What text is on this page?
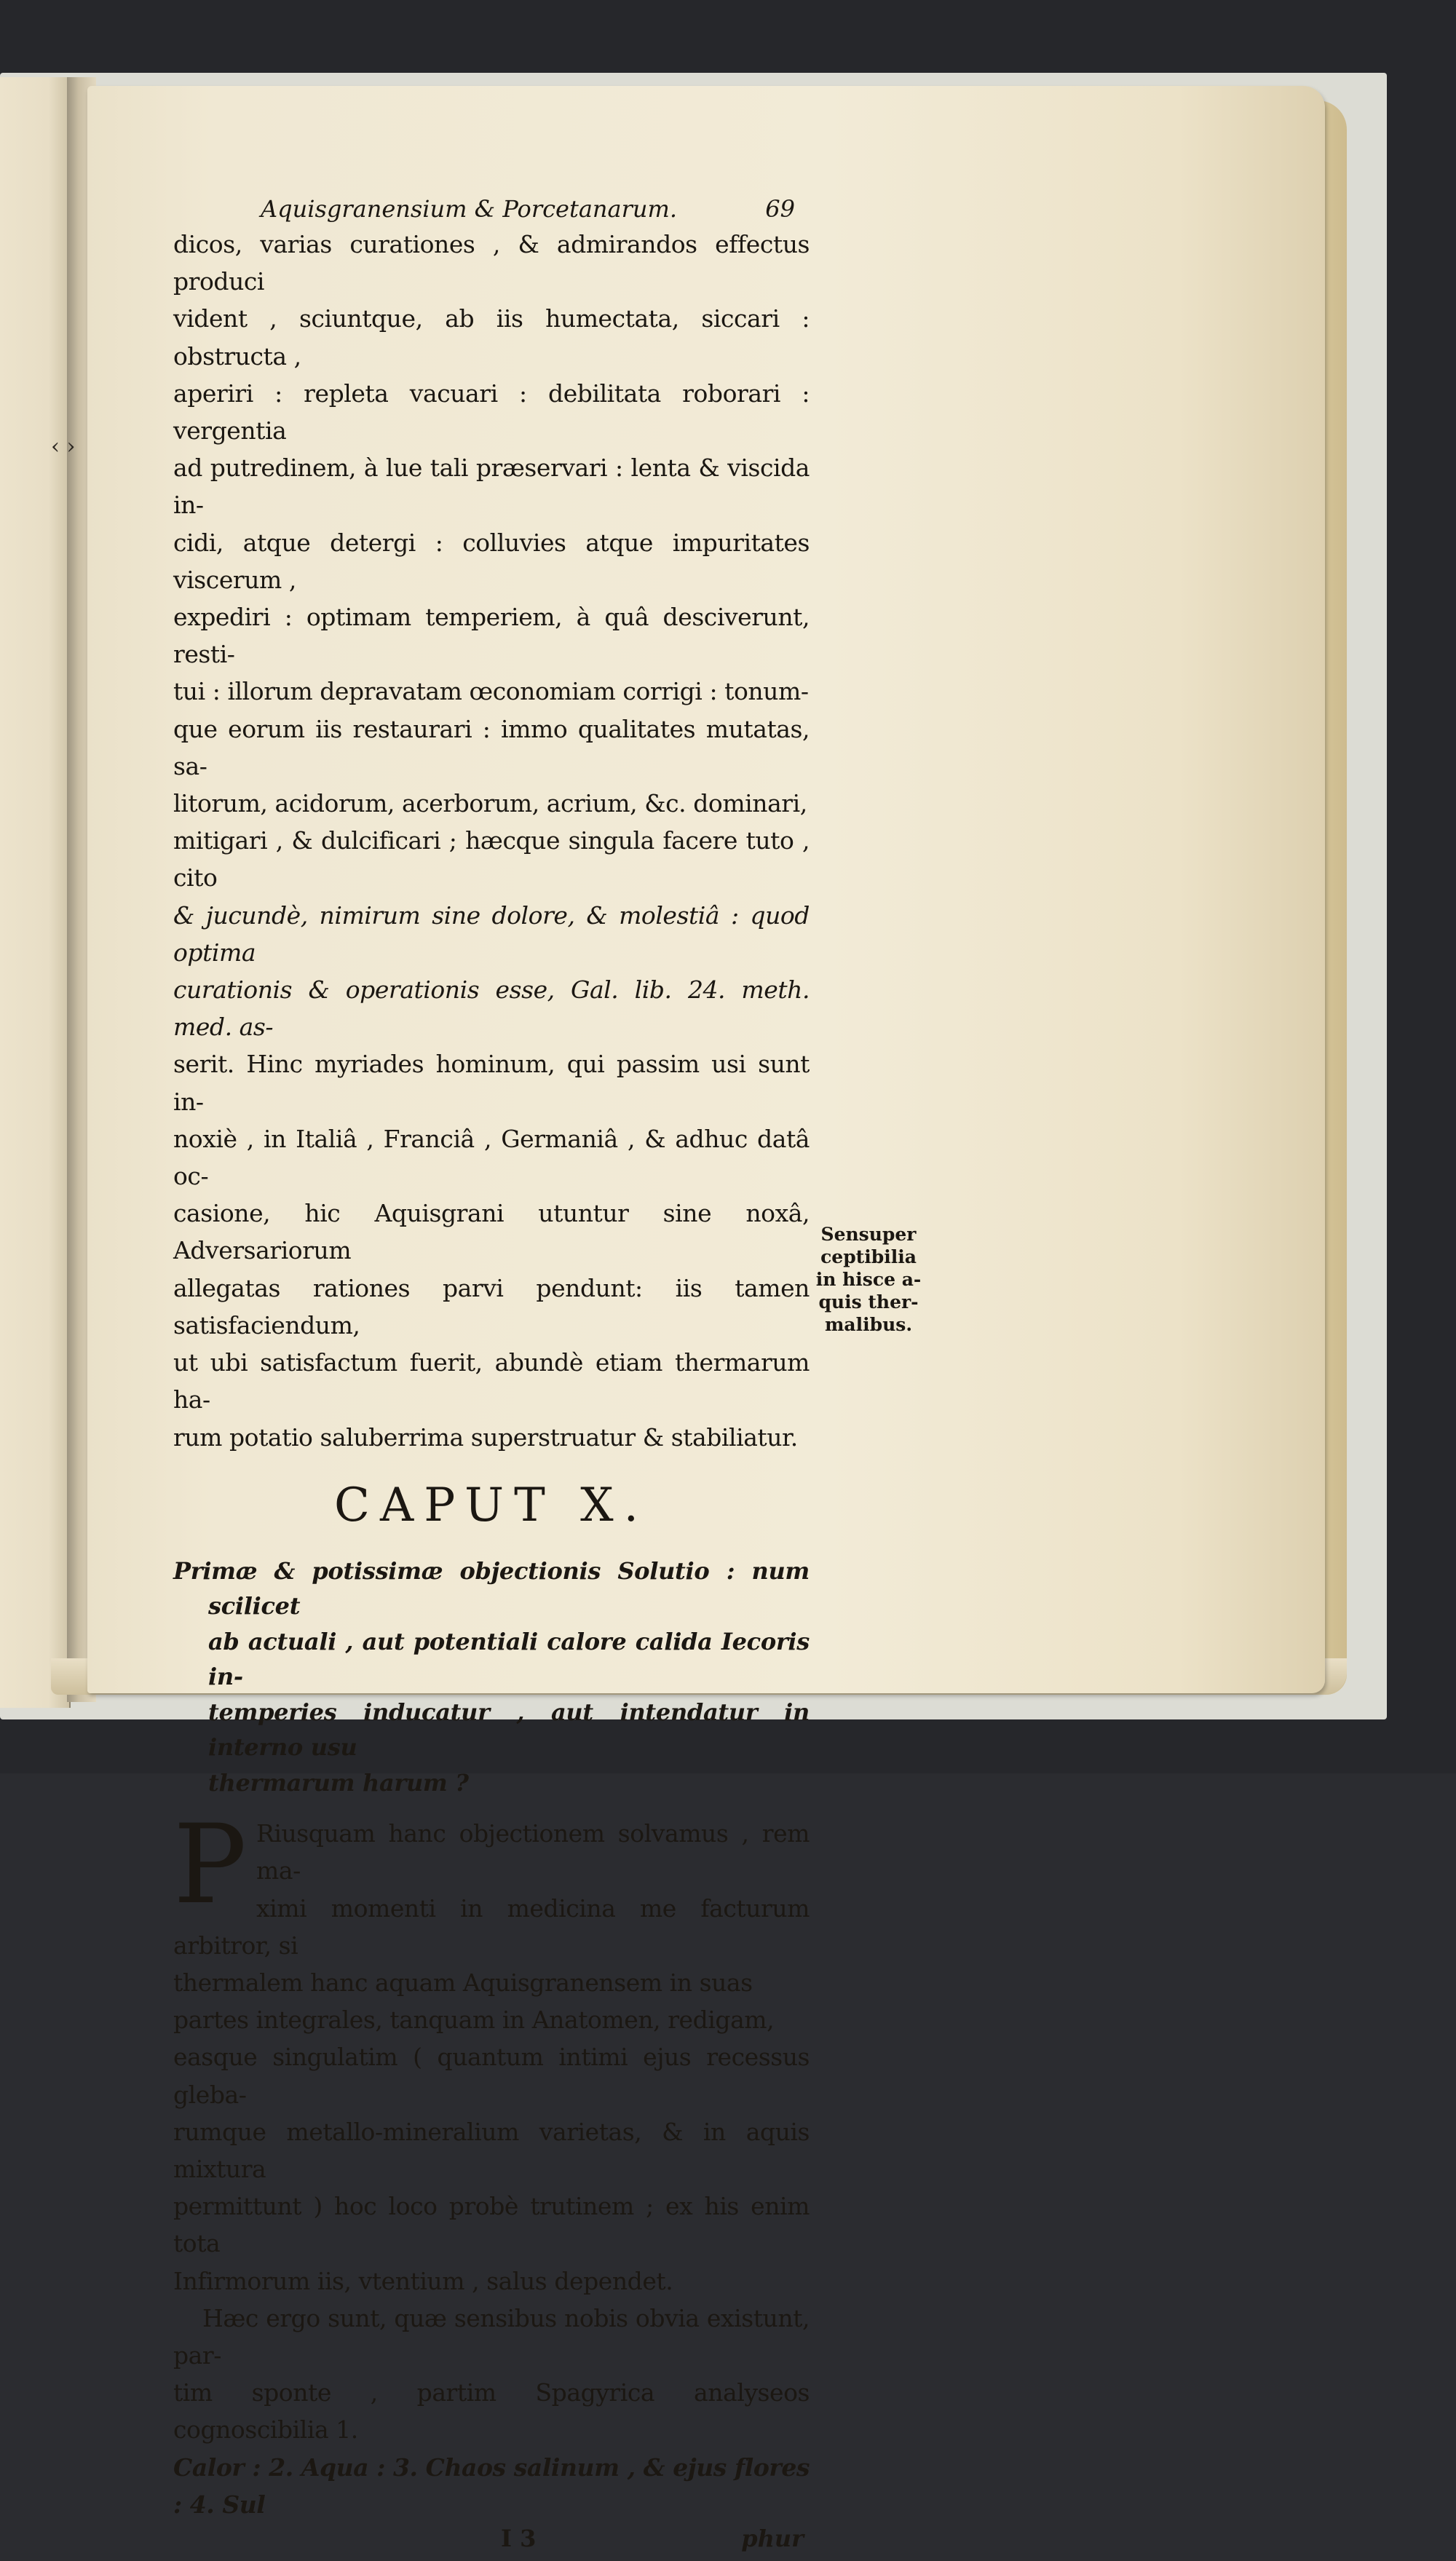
‹ ›
Aquisgranensium & Porcetanarum.	69

dicos, varias curationes , & admirandos effectus produci

vident , sciuntque, ab iis humectata, siccari : obstructa ,

aperiri : repleta vacuari : debilitata roborari : vergentia

ad putredinem, à lue tali præservari : lenta & viscida in-

cidi, atque detergi : colluvies atque impuritates viscerum ,

expediri : optimam temperiem, à quâ desciverunt, resti-

tui : illorum depravatam œconomiam corrigi : tonum-

que eorum iis restaurari : immo qualitates mutatas, sa-

litorum, acidorum, acerborum, acrium, &c. dominari,

mitigari , & dulcificari ; hæcque singula facere tuto , cito

& jucundè, nimirum sine dolore, & molestiâ : quod optima

curationis & operationis esse, Gal. lib. 24. meth. med. as-

serit. Hinc myriades hominum, qui passim usi sunt in-

noxiè , in Italiâ , Franciâ , Germaniâ , & adhuc datâ oc-

casione, hic Aquisgrani utuntur sine noxâ, Adversariorum

allegatas rationes parvi pendunt: iis tamen satisfaciendum,

ut ubi satisfactum fuerit, abundè etiam thermarum ha-

rum potatio saluberrima superstruatur & stabiliatur.

CAPUT X.

Primæ & potissimæ objectionis Solutio : num scilicet

ab actuali , aut potentiali calore calida Iecoris in-

temperies inducatur , aut intendatur in interno usu

thermarum harum ?

P Riusquam hanc objectionem solvamus , rem ma-

ximi momenti in medicina me facturum arbitror, si

thermalem hanc aquam Aquisgranensem in suas

partes integrales, tanquam in Anatomen, redigam,

easque singulatim ( quantum intimi ejus recessus gleba-

rumque metallo-mineralium varietas, & in aquis mixtura

permittunt ) hoc loco probè trutinem ; ex his enim tota

Infirmorum iis, vtentium , salus dependet.

Hæc ergo sunt, quæ sensibus nobis obvia existunt, par-

tim sponte , partim Spagyrica analyseos cognoscibilia 1.

Calor : 2. Aqua : 3. Chaos salinum , & ejus flores : 4. Sul

I 3	phur
Sensuper
ceptibilia
in hisce a-
quis ther-
malibus.
